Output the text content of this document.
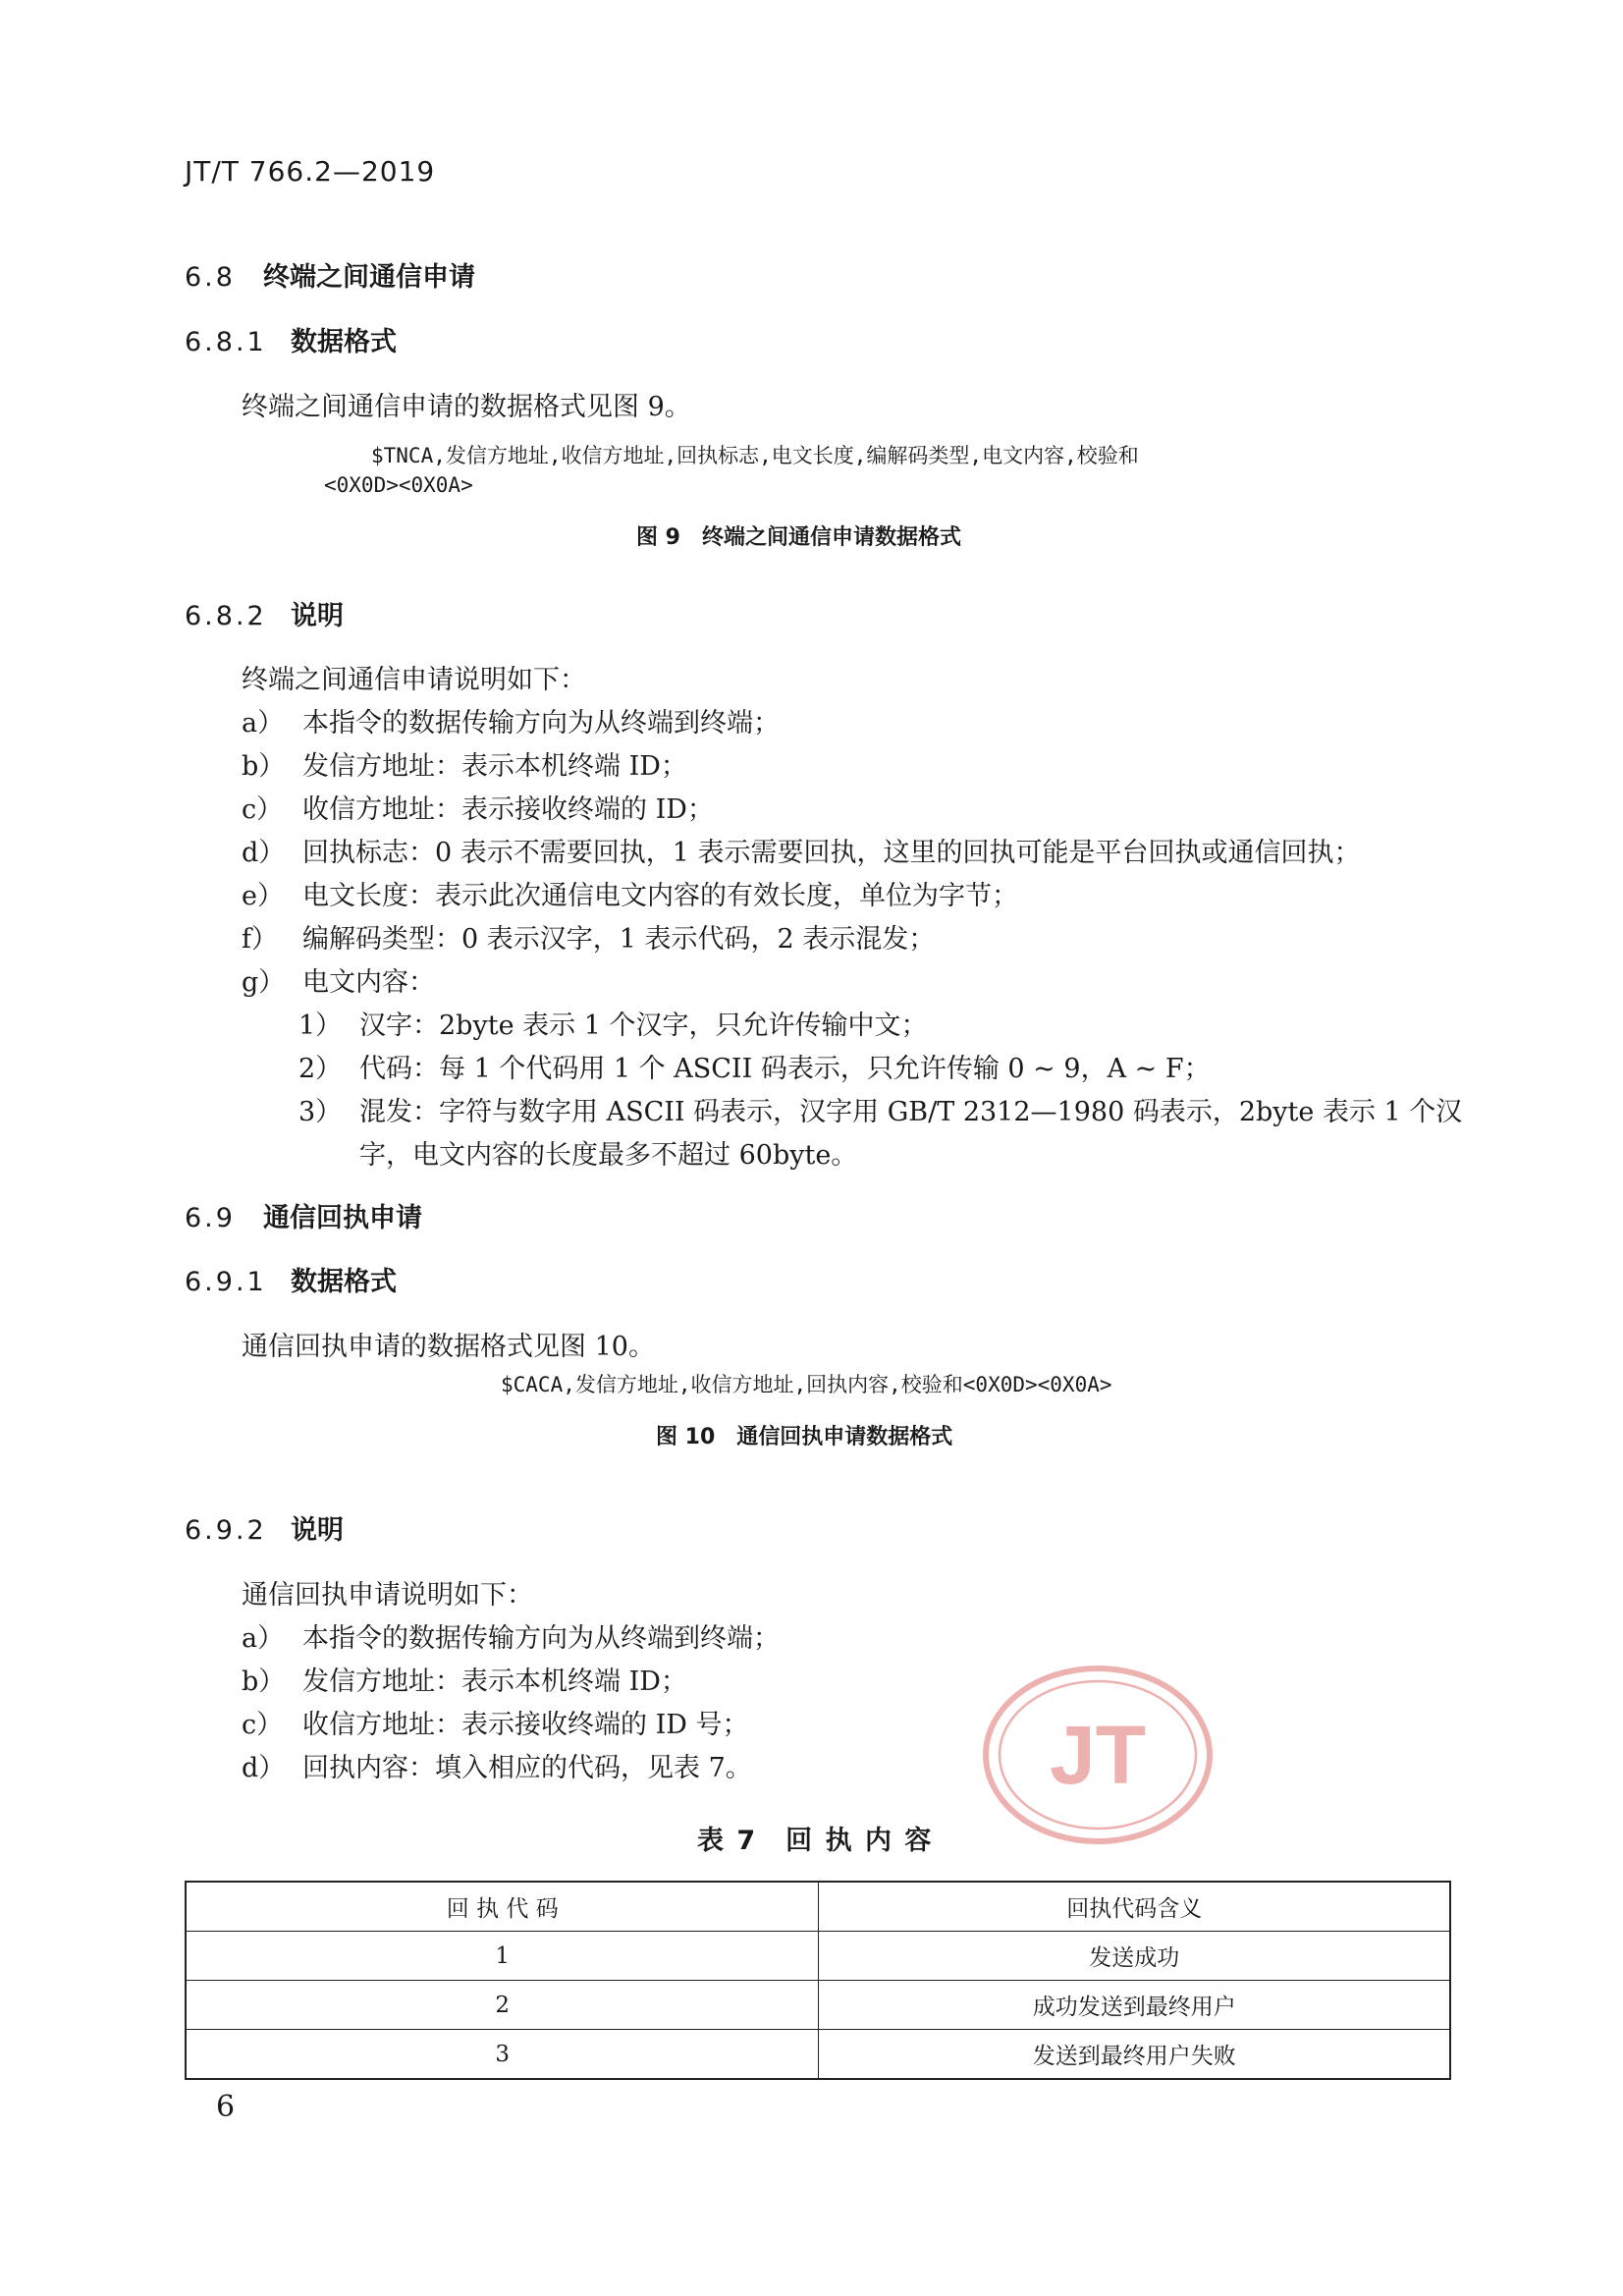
JT/T 766.2—2019
6.8 终端之间通信申请
6.8.1 数据格式
终端之间通信申请的数据格式见图 9。
$TNCA,发信方地址,收信方地址,回执标志,电文长度,编解码类型,电文内容,校验和
<0X0D><0X0A>
图 9　终端之间通信申请数据格式
6.8.2 说明
终端之间通信申请说明如下：
a） 本指令的数据传输方向为从终端到终端；
b） 发信方地址：表示本机终端 ID；
c） 收信方地址：表示接收终端的 ID；
d） 回执标志：0 表示不需要回执，1 表示需要回执，这里的回执可能是平台回执或通信回执；
e） 电文长度：表示此次通信电文内容的有效长度，单位为字节；
f） 编解码类型：0 表示汉字，1 表示代码，2 表示混发；
g） 电文内容：
1） 汉字：2byte 表示 1 个汉字，只允许传输中文；
2） 代码：每 1 个代码用 1 个 ASCII 码表示，只允许传输 0 ~ 9，A ~ F；
3） 混发：字符与数字用 ASCII 码表示，汉字用 GB/T 2312—1980 码表示，2byte 表示 1 个汉
字，电文内容的长度最多不超过 60byte。
6.9 通信回执申请
6.9.1 数据格式
通信回执申请的数据格式见图 10。
$CACA,发信方地址,收信方地址,回执内容,校验和<0X0D><0X0A>
图 10　通信回执申请数据格式
6.9.2 说明
通信回执申请说明如下：
a） 本指令的数据传输方向为从终端到终端；
b） 发信方地址：表示本机终端 ID；
c） 收信方地址：表示接收终端的 ID 号；
d） 回执内容：填入相应的代码，见表 7。	JT
表 7　回 执 内 容
回 执 代 码	回执代码含义
1	发送成功
2	成功发送到最终用户
3	发送到最终用户失败
6
